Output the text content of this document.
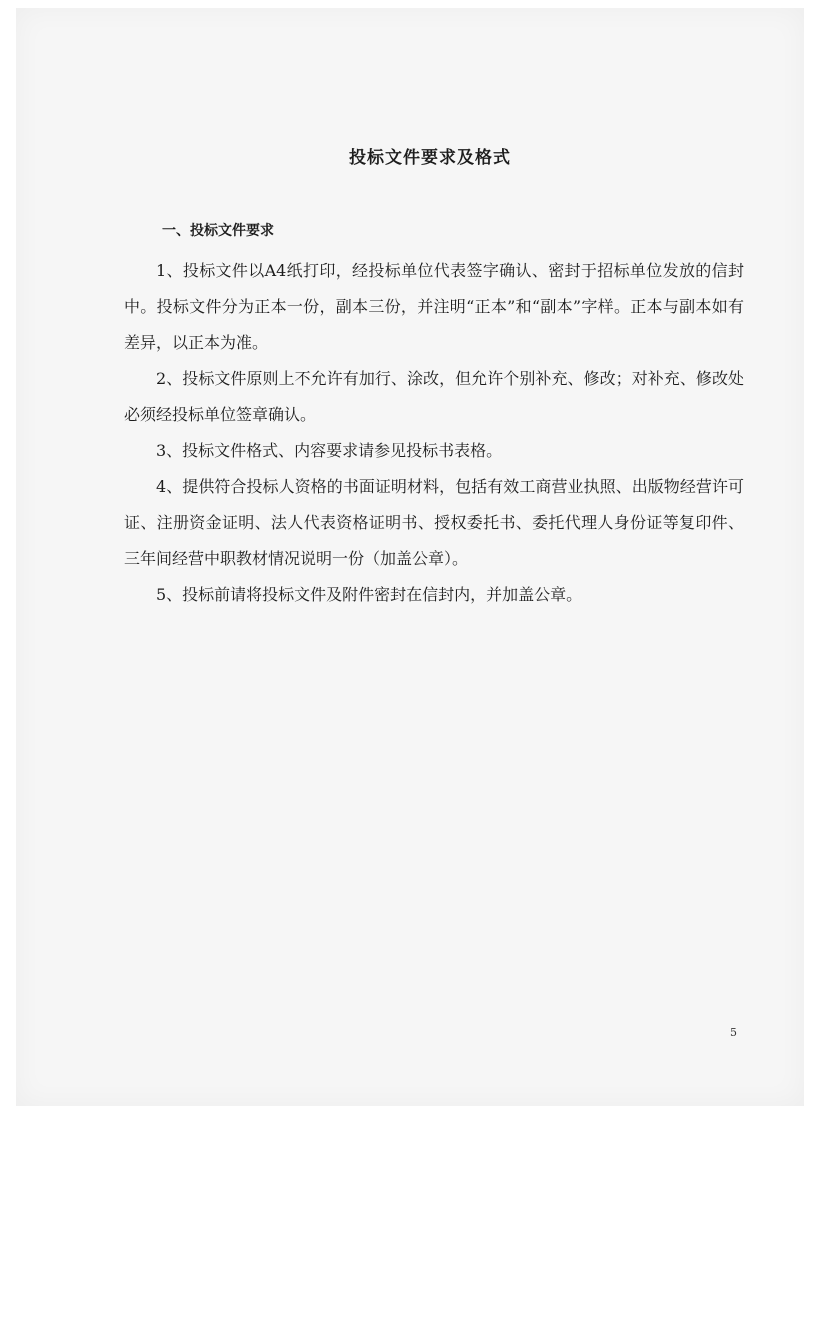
投标文件要求及格式
一、投标文件要求

1、投标文件以A4纸打印，经投标单位代表签字确认、密封于招标单位发放的信封中。投标文件分为正本一份，副本三份，并注明“正本”和“副本”字样。正本与副本如有差异，以正本为准。

2、投标文件原则上不允许有加行、涂改，但允许个别补充、修改；对补充、修改处必须经投标单位签章确认。

3、投标文件格式、内容要求请参见投标书表格。

4、提供符合投标人资格的书面证明材料，包括有效工商营业执照、出版物经营许可证、注册资金证明、法人代表资格证明书、授权委托书、委托代理人身份证等复印件、三年间经营中职教材情况说明一份（加盖公章）。

5、投标前请将投标文件及附件密封在信封内，并加盖公章。

5
